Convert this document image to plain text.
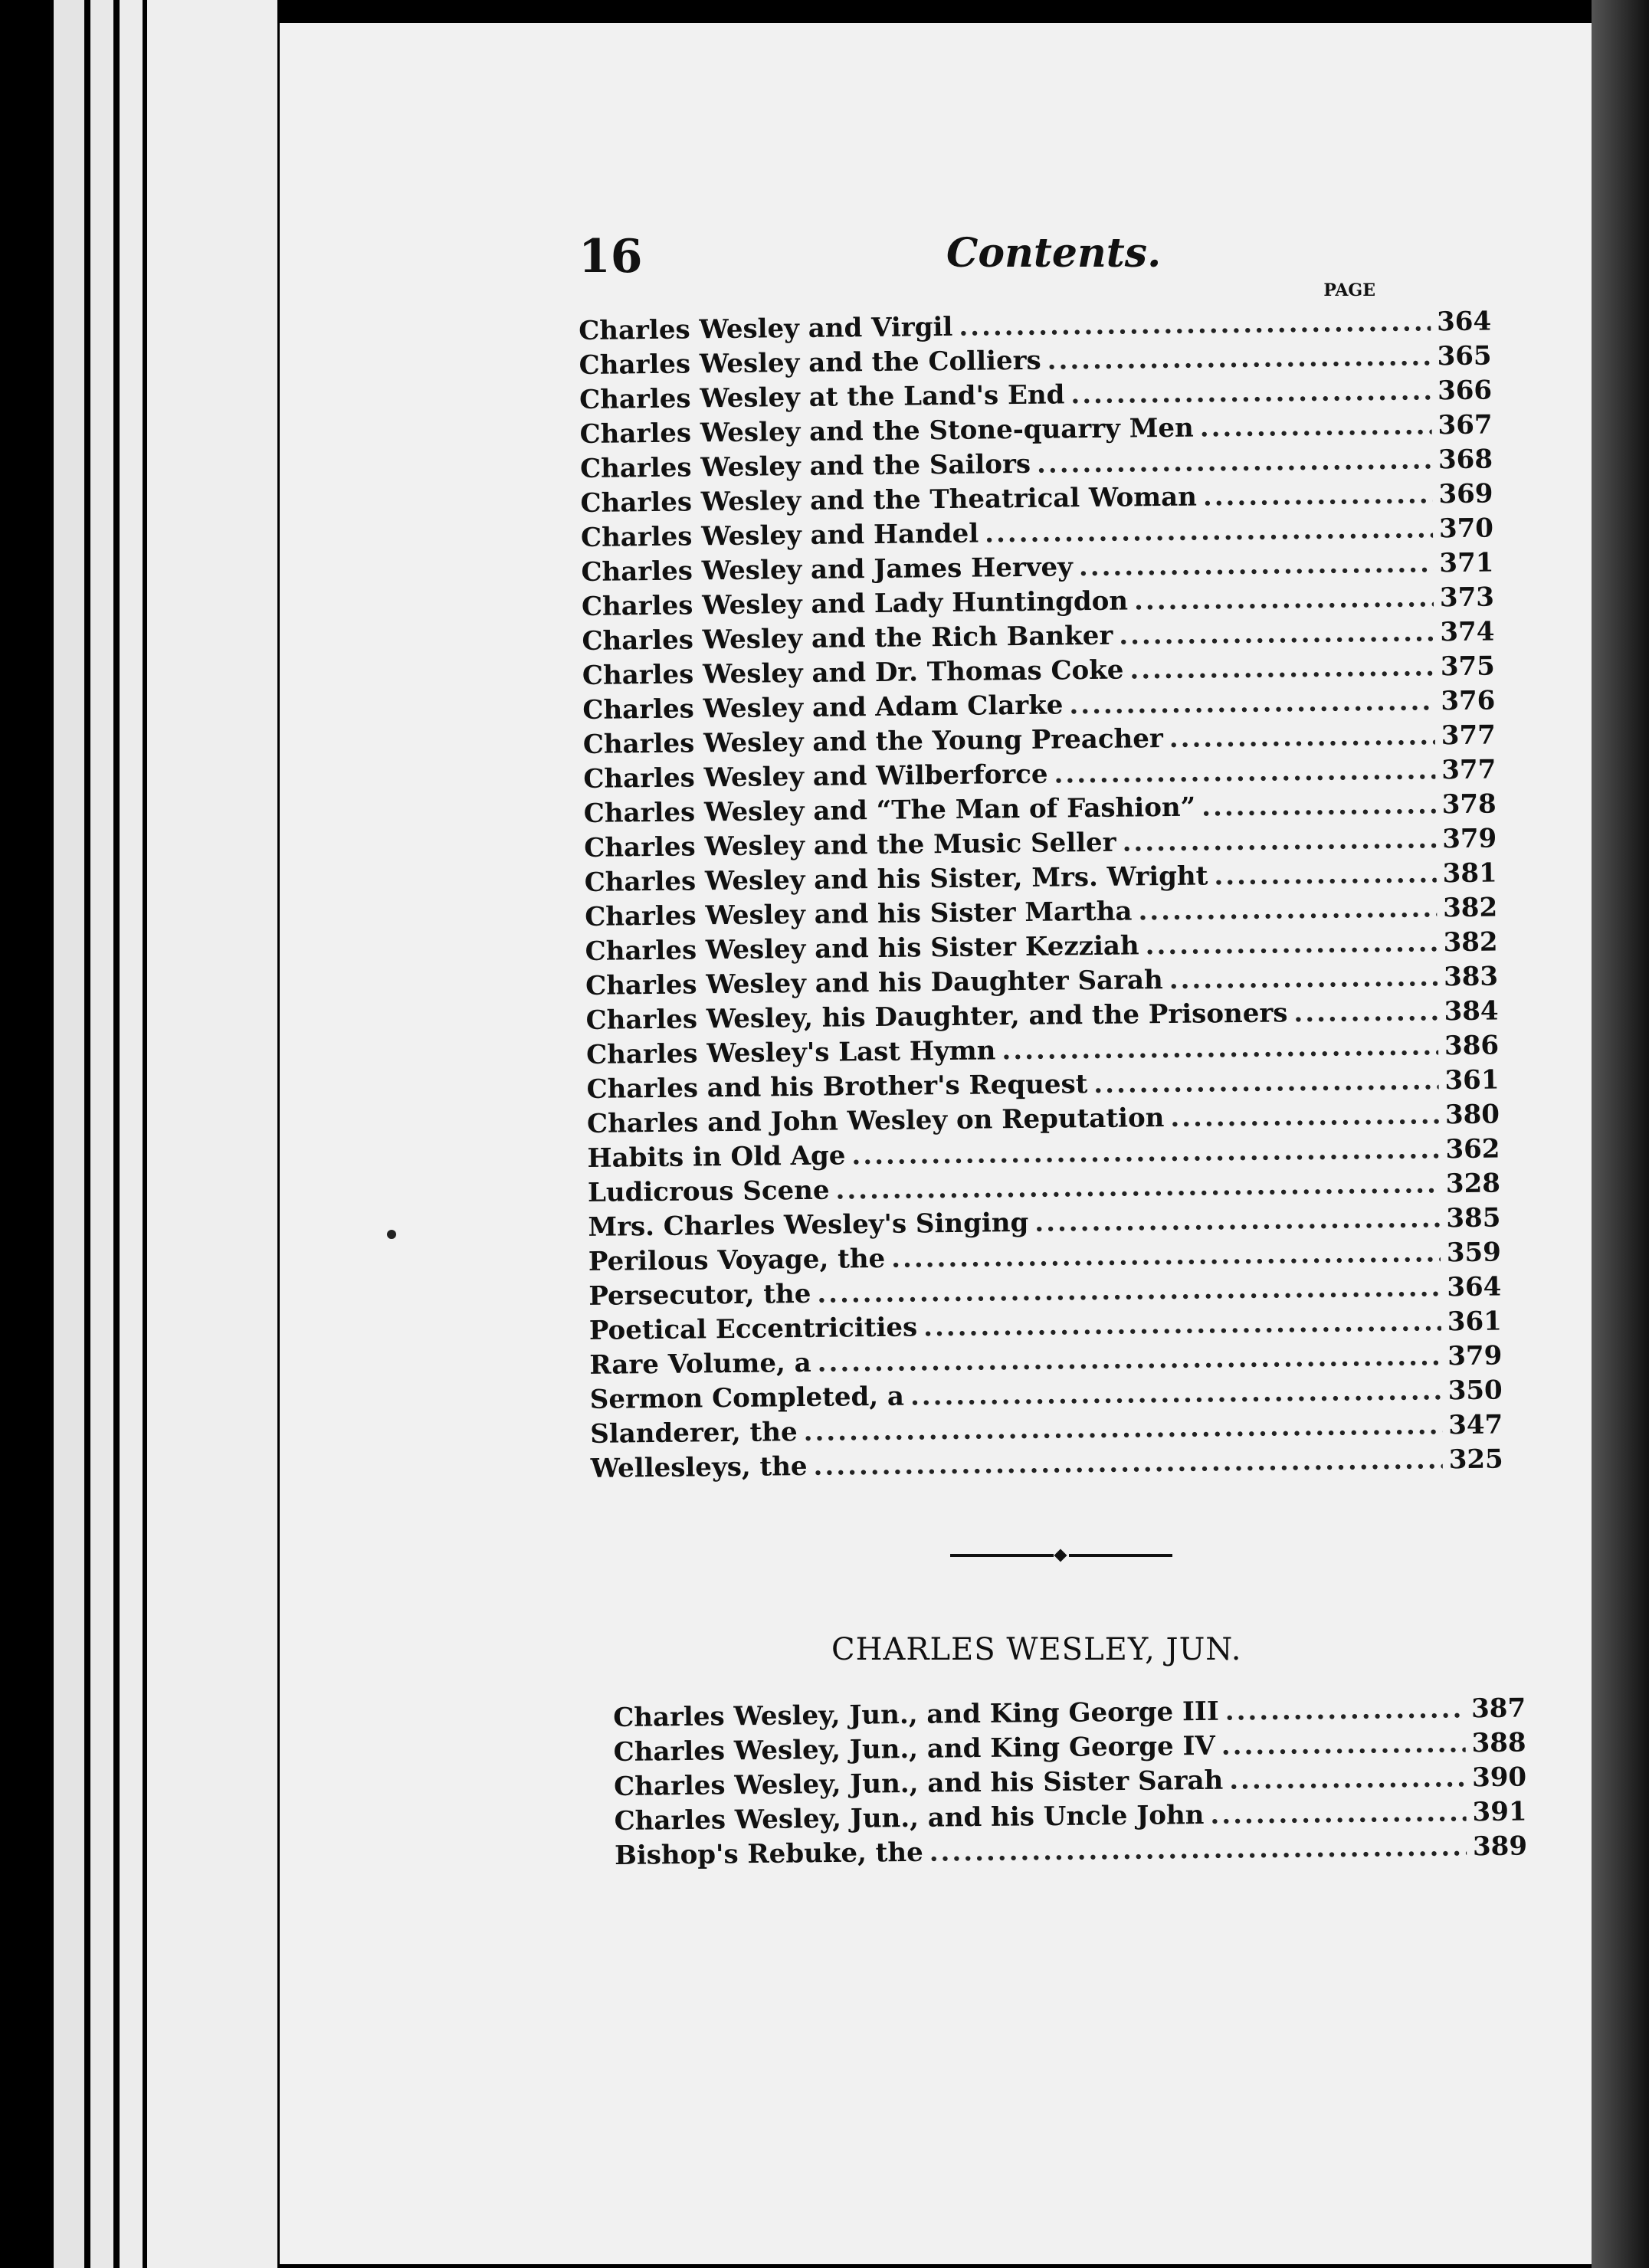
16	Contents.
PAGE
Charles Wesley and Virgil .....	364
Charles Wesley and the Colliers .....	365
Charles Wesley at the Land's End .....	366
Charles Wesley and the Stone-quarry Men .....	367
Charles Wesley and the Sailors .....	368
Charles Wesley and the Theatrical Woman .....	369
Charles Wesley and Handel .....	370
Charles Wesley and James Hervey .....	371
Charles Wesley and Lady Huntingdon .....	373
Charles Wesley and the Rich Banker .....	374
Charles Wesley and Dr. Thomas Coke .....	375
Charles Wesley and Adam Clarke .....	376
Charles Wesley and the Young Preacher .....	377
Charles Wesley and Wilberforce .....	377
Charles Wesley and “The Man of Fashion” .....	378
Charles Wesley and the Music Seller .....	379
Charles Wesley and his Sister, Mrs. Wright .....	381
Charles Wesley and his Sister Martha .....	382
Charles Wesley and his Sister Kezziah .....	382
Charles Wesley and his Daughter Sarah .....	383
Charles Wesley, his Daughter, and the Prisoners .....	384
Charles Wesley's Last Hymn .....	386
Charles and his Brother's Request .....	361
Charles and John Wesley on Reputation .....	380
Habits in Old Age .....	362
Ludicrous Scene .....	328
Mrs. Charles Wesley's Singing .....	385
Perilous Voyage, the .....	359
Persecutor, the .....	364
Poetical Eccentricities .....	361
Rare Volume, a .....	379
Sermon Completed, a .....	350
Slanderer, the .....	347
Wellesleys, the .....	325
CHARLES WESLEY, JUN.
Charles Wesley, Jun., and King George III .....	387
Charles Wesley, Jun., and King George IV .....	388
Charles Wesley, Jun., and his Sister Sarah .....	390
Charles Wesley, Jun., and his Uncle John .....	391
Bishop's Rebuke, the .....	389
